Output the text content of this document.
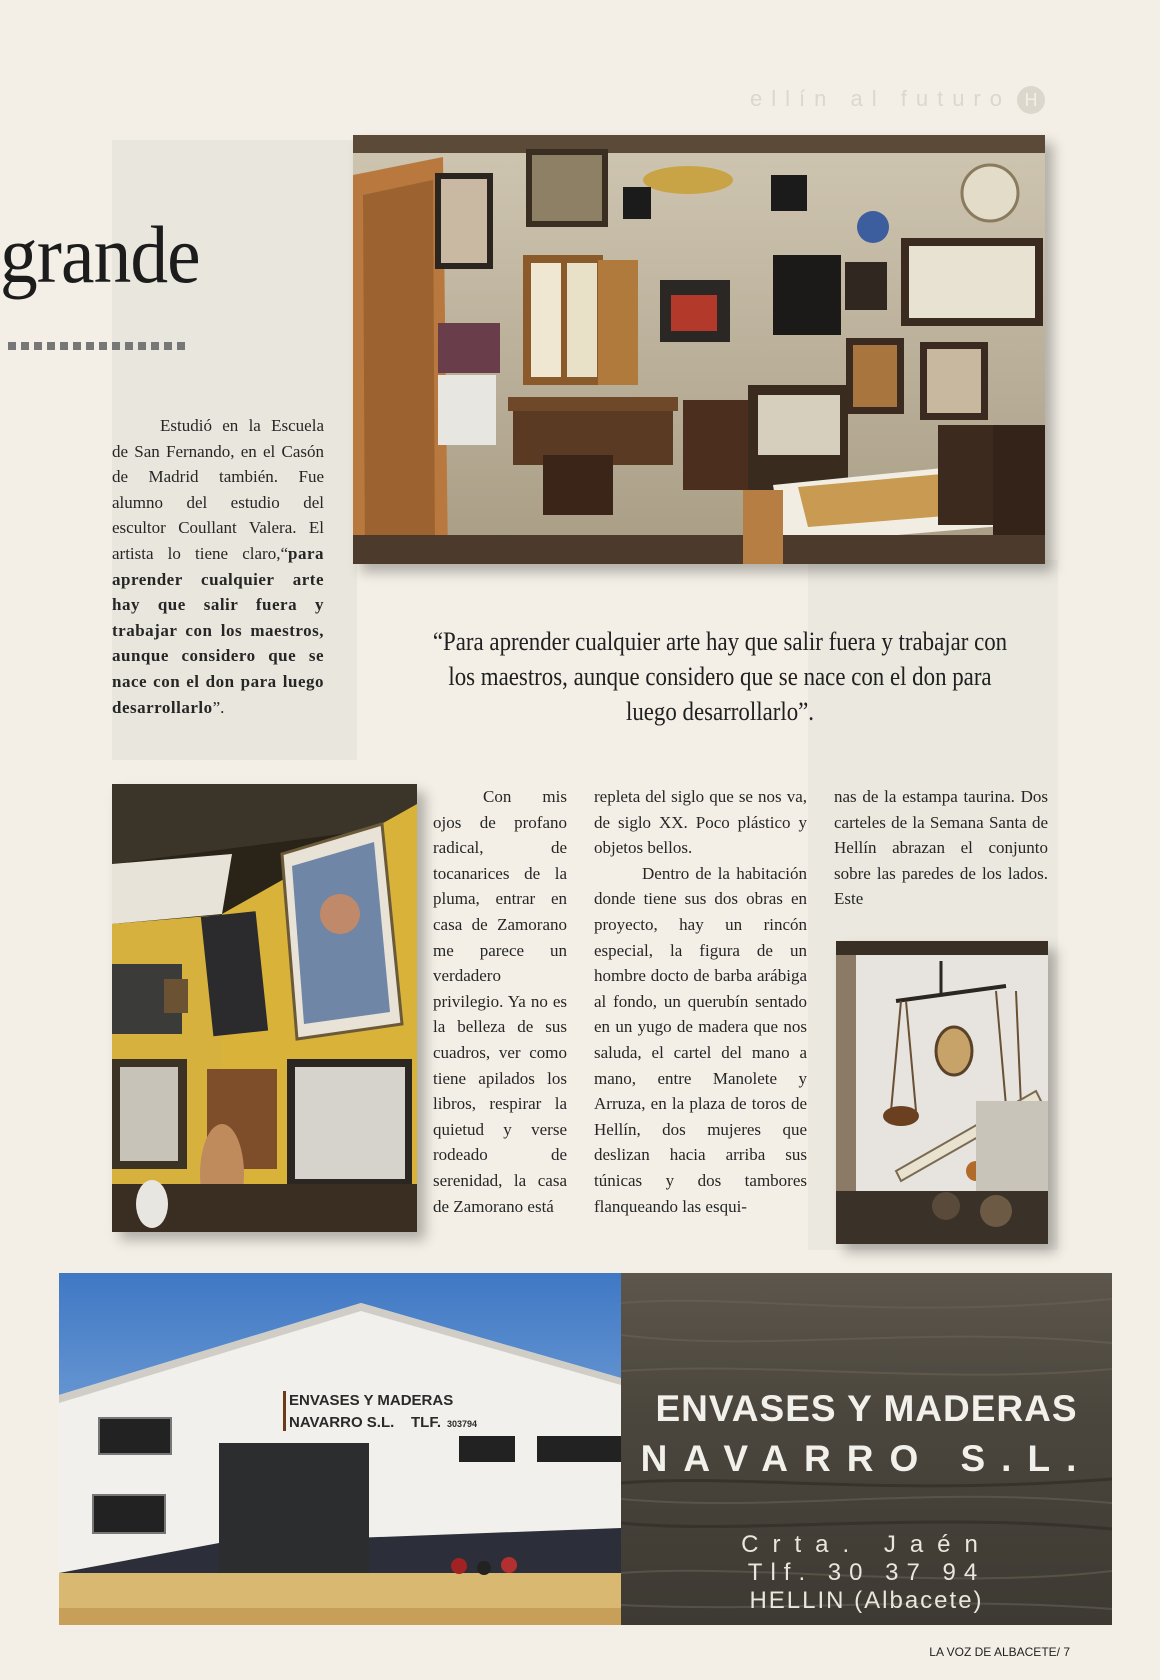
ellín al futuro H
grande

Estudió en la Escuela de San Fernando, en el Casón de Madrid también. Fue alumno del estudio del escultor Coullant Valera. El artista lo tiene claro,“para aprender cualquier arte hay que salir fuera y trabajar con los maestros, aunque considero que se nace con el don para luego desarrollarlo”.

“Para aprender cualquier arte hay que salir fuera y trabajar con los maestros, aunque considero que se nace con el don para luego desarrollarlo”.

Con mis ojos de profano radical, de tocanarices de la pluma, entrar en casa de Zamorano me parece un verdadero privilegio. Ya no es la belleza de sus cuadros, ver como tiene apilados los libros, respirar la quietud y verse rodeado de serenidad, la casa de Zamorano está

repleta del siglo que se nos va, de siglo XX. Poco plástico y objetos bellos.

Dentro de la habitación donde tiene sus dos obras en proyecto, hay un rincón especial, la figura de un hombre docto de barba arábiga al fondo, un querubín sentado en un yugo de madera que nos saluda, el cartel del mano a mano, entre Manolete y Arruza, en la plaza de toros de Hellín, dos mujeres que deslizan hacia arriba sus túnicas y dos tambores flanqueando las esqui-

nas de la estampa taurina. Dos carteles de la Semana Santa de Hellín abrazan el conjunto sobre las paredes de los lados. Este

ENVASES Y MADERAS
NAVARRO S.L. TLF. 303794	ENVASES Y MADERAS
NAVARRO S.L.
Crta. Jaén
Tlf. 30 37 94
HELLIN (Albacete)
LA VOZ DE ALBACETE/ 7
